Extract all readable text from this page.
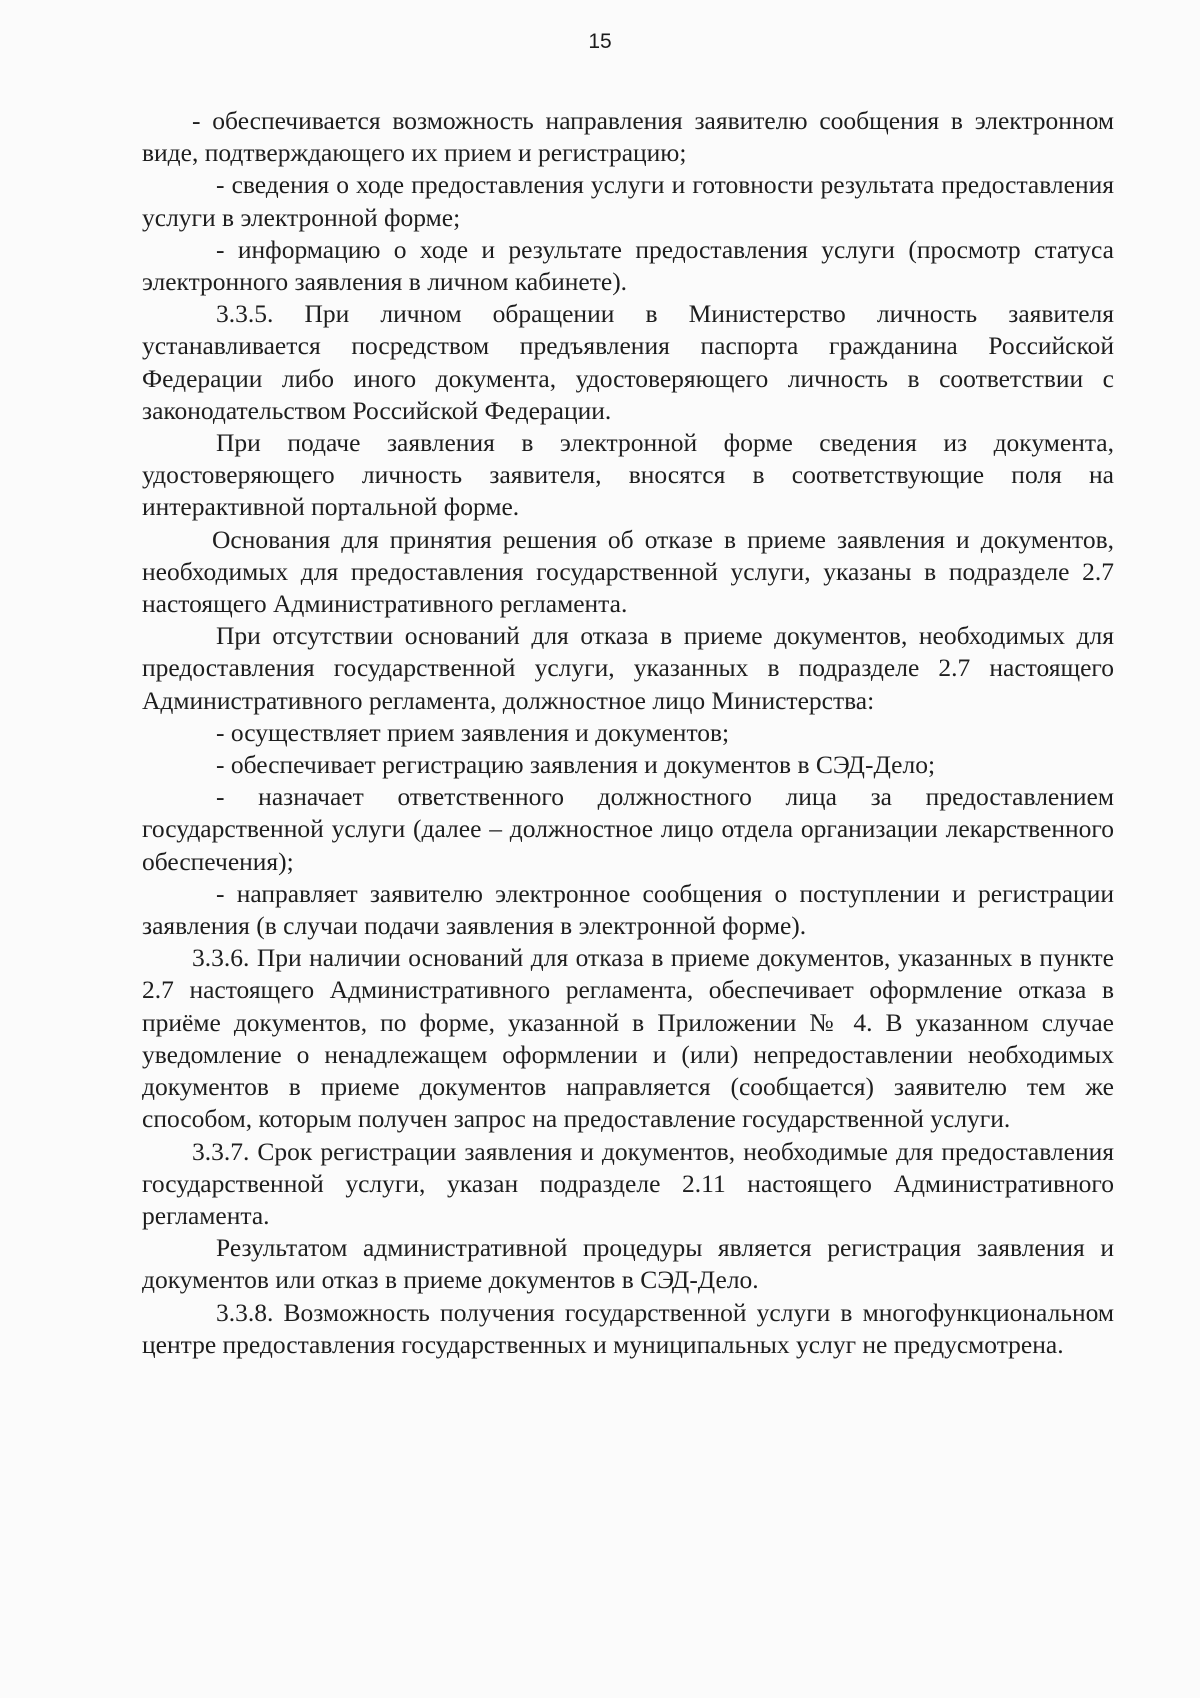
15

- обеспечивается возможность направления заявителю сообщения в электронном виде, подтверждающего их прием и регистрацию;

- сведения о ходе предоставления услуги и готовности результата предоставления услуги в электронной форме;

- информацию о ходе и результате предоставления услуги (просмотр статуса электронного заявления в личном кабинете).

3.3.5. При личном обращении в Министерство личность заявителя устанавливается посредством предъявления паспорта гражданина Российской Федерации либо иного документа, удостоверяющего личность в соответствии с законодательством Российской Федерации.

При подаче заявления в электронной форме сведения из документа, удостоверяющего личность заявителя, вносятся в соответствующие поля на интерактивной портальной форме.

Основания для принятия решения об отказе в приеме заявления и документов, необходимых для предоставления государственной услуги, указаны в подразделе 2.7 настоящего Административного регламента.

При отсутствии оснований для отказа в приеме документов, необходимых для предоставления государственной услуги, указанных в подразделе 2.7 настоящего Административного регламента, должностное лицо Министерства:

- осуществляет прием заявления и документов;

- обеспечивает регистрацию заявления и документов в СЭД-Дело;

- назначает ответственного должностного лица за предоставлением государственной услуги (далее – должностное лицо отдела организации лекарственного обеспечения);

- направляет заявителю электронное сообщения о поступлении и регистрации заявления (в случаи подачи заявления в электронной форме).

3.3.6. При наличии оснований для отказа в приеме документов, указанных в пункте 2.7 настоящего Административного регламента, обеспечивает оформление отказа в приёме документов, по форме, указанной в Приложении № 4. В указанном случае уведомление о ненадлежащем оформлении и (или) непредоставлении необходимых документов в приеме документов направляется (сообщается) заявителю тем же способом, которым получен запрос на предоставление государственной услуги.

3.3.7. Срок регистрации заявления и документов, необходимые для предоставления государственной услуги, указан подразделе 2.11 настоящего Административного регламента.

Результатом административной процедуры является регистрация заявления и документов или отказ в приеме документов в СЭД-Дело.

3.3.8. Возможность получения государственной услуги в многофункциональном центре предоставления государственных и муниципальных услуг не предусмотрена.
